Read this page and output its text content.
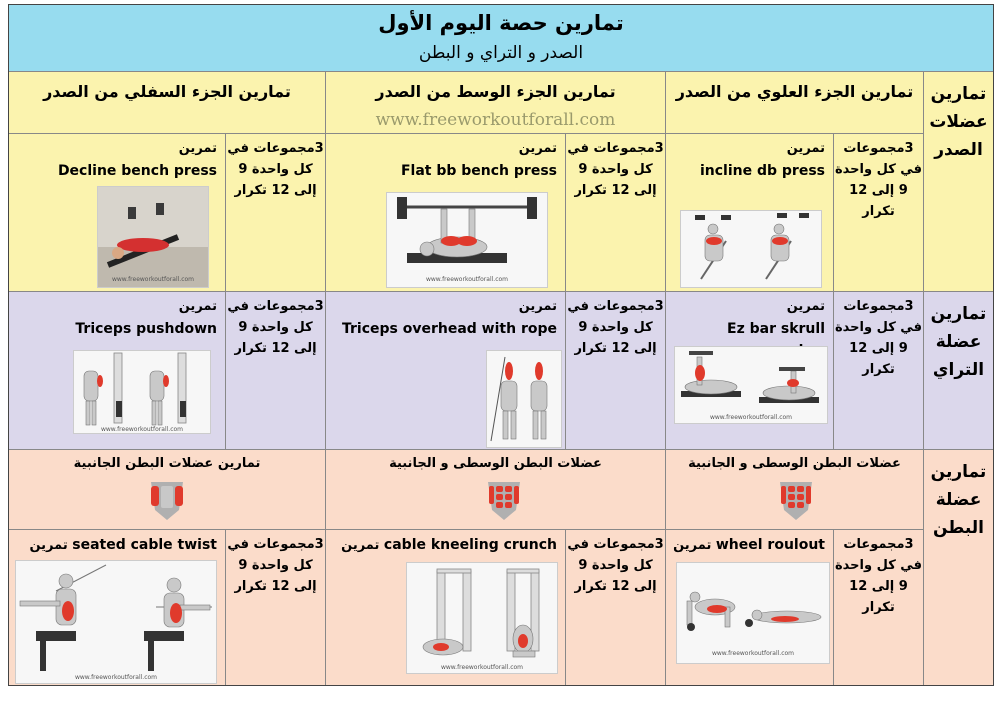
تمارين حصة اليوم الأول
الصدر و التراي و البطن
تمارين عضلات الصدر
تمارين الجزء العلوي من الصدر
تمارين الجزء الوسط من الصدر
www.freeworkoutforall.com
تمارين الجزء السفلي من الصدر
3مجموعات في كل واحدة 9 إلى 12 تكرار
تمرين
incline db press
3مجموعات في كل واحدة 9 إلى 12 تكرار
تمرين
Flat bb bench press
www.freeworkoutforall.com
3مجموعات في كل واحدة 9 إلى 12 تكرار
تمرين
Decline bench press
www.freeworkoutforall.com
تمارين عضلة التراي
3مجموعات في كل واحدة 9 إلى 12 تكرار
تمرين
Ez bar skrull
www.freeworkoutforall.com
3مجموعات في كل واحدة 9 إلى 12 تكرار
تمرين
Triceps overhead with rope
3مجموعات في كل واحدة 9 إلى 12 تكرار
تمرين
Triceps pushdown
www.freeworkoutforall.com
تمارين عضلة البطن
عضلات البطن الوسطى و الجانبية
عضلات البطن الوسطى و الجانبية
تمارين عضلات البطن الجانبية
3مجموعات في كل واحدة 9 إلى 12 تكرار
wheel roulout تمرين
www.freeworkoutforall.com
3مجموعات في كل واحدة 9 إلى 12 تكرار
cable kneeling crunch تمرين
www.freeworkoutforall.com
3مجموعات في كل واحدة 9 إلى 12 تكرار
seated cable twist تمرين
www.freeworkoutforall.com
